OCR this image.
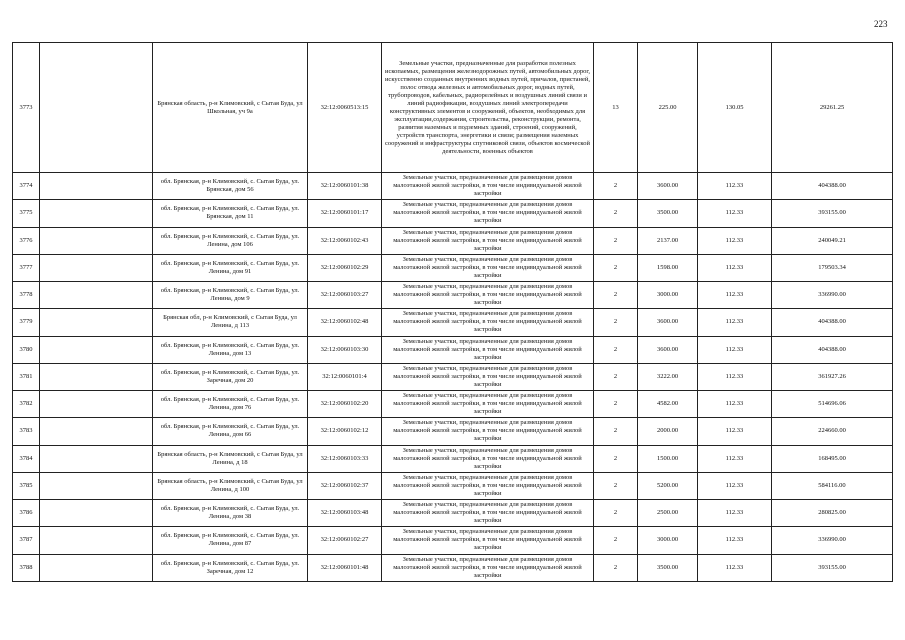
223
3773		Брянская область, р-н Климовский, с Сытая Буда, ул Школьная, уч 9а	32:12:0060513:15	Земельные участки, предназначенные для разработки полезных ископаемых, размещения железнодорожных путей, автомобильных дорог, искусственно созданных внутренних водных путей, причалов, пристаней, полос отвода железных и автомобильных дорог, водных путей, трубопроводов, кабельных, радиорелейных и воздушных линий связи и линий радиофикации, воздушных линий электропередачи конструктивных элементов и сооружений, объектов, необходимых для эксплуатации,содержания, строительства, реконструкции, ремонта, развития наземных и подземных зданий, строений, сооружений, устройств транспорта, энергетики и связи; размещения наземных сооружений и инфраструктуры спутниковой связи, объектов космической деятельности, военных объектов	13	225.00	130.05	29261.25
3774		обл. Брянская, р-н Климовский, с. Сытая Буда, ул. Брянская, дом 56	32:12:0060101:38	Земельные участки, предназначенные для размещения домов малоэтажной жилой застройки, в том числе индивидуальной жилой застройки	2	3600.00	112.33	404388.00
3775		обл. Брянская, р-н Климовский, с. Сытая Буда, ул. Брянская, дом 11	32:12:0060101:17	Земельные участки, предназначенные для размещения домов малоэтажной жилой застройки, в том числе индивидуальной жилой застройки	2	3500.00	112.33	393155.00
3776		обл. Брянская, р-н Климовский, с. Сытая Буда, ул. Ленина, дом 106	32:12:0060102:43	Земельные участки, предназначенные для размещения домов малоэтажной жилой застройки, в том числе индивидуальной жилой застройки	2	2137.00	112.33	240049.21
3777		обл. Брянская, р-н Климовский, с. Сытая Буда, ул. Ленина, дом 91	32:12:0060102:29	Земельные участки, предназначенные для размещения домов малоэтажной жилой застройки, в том числе индивидуальной жилой застройки	2	1598.00	112.33	179503.34
3778		обл. Брянская, р-н Климовский, с. Сытая Буда, ул. Ленина, дом 9	32:12:0060103:27	Земельные участки, предназначенные для размещения домов малоэтажной жилой застройки, в том числе индивидуальной жилой застройки	2	3000.00	112.33	336990.00
3779		Брянская обл, р-н Климовский, с Сытая Буда, ул Ленина, д 113	32:12:0060102:48	Земельные участки, предназначенные для размещения домов малоэтажной жилой застройки, в том числе индивидуальной жилой застройки	2	3600.00	112.33	404388.00
3780		обл. Брянская, р-н Климовский, с. Сытая Буда, ул. Ленина, дом 13	32:12:0060103:30	Земельные участки, предназначенные для размещения домов малоэтажной жилой застройки, в том числе индивидуальной жилой застройки	2	3600.00	112.33	404388.00
3781		обл. Брянская, р-н Климовский, с. Сытая Буда, ул. Заречная, дом 20	32:12:0060101:4	Земельные участки, предназначенные для размещения домов малоэтажной жилой застройки, в том числе индивидуальной жилой застройки	2	3222.00	112.33	361927.26
3782		обл. Брянская, р-н Климовский, с. Сытая Буда, ул. Ленина, дом 76	32:12:0060102:20	Земельные участки, предназначенные для размещения домов малоэтажной жилой застройки, в том числе индивидуальной жилой застройки	2	4582.00	112.33	514696.06
3783		обл. Брянская, р-н Климовский, с. Сытая Буда, ул. Ленина, дом 66	32:12:0060102:12	Земельные участки, предназначенные для размещения домов малоэтажной жилой застройки, в том числе индивидуальной жилой застройки	2	2000.00	112.33	224660.00
3784		Брянская область, р-н Климовский, с Сытая Буда, ул Ленина, д 18	32:12:0060103:33	Земельные участки, предназначенные для размещения домов малоэтажной жилой застройки, в том числе индивидуальной жилой застройки	2	1500.00	112.33	168495.00
3785		Брянская область, р-н Климовский, с Сытая Буда, ул Ленина, д 100	32:12:0060102:37	Земельные участки, предназначенные для размещения домов малоэтажной жилой застройки, в том числе индивидуальной жилой застройки	2	5200.00	112.33	584116.00
3786		обл. Брянская, р-н Климовский, с. Сытая Буда, ул. Ленина, дом 38	32:12:0060103:48	Земельные участки, предназначенные для размещения домов малоэтажной жилой застройки, в том числе индивидуальной жилой застройки	2	2500.00	112.33	280825.00
3787		обл. Брянская, р-н Климовский, с. Сытая Буда, ул. Ленина, дом 87	32:12:0060102:27	Земельные участки, предназначенные для размещения домов малоэтажной жилой застройки, в том числе индивидуальной жилой застройки	2	3000.00	112.33	336990.00
3788		обл. Брянская, р-н Климовский, с. Сытая Буда, ул. Заречная, дом 12	32:12:0060101:48	Земельные участки, предназначенные для размещения домов малоэтажной жилой застройки, в том числе индивидуальной жилой застройки	2	3500.00	112.33	393155.00
